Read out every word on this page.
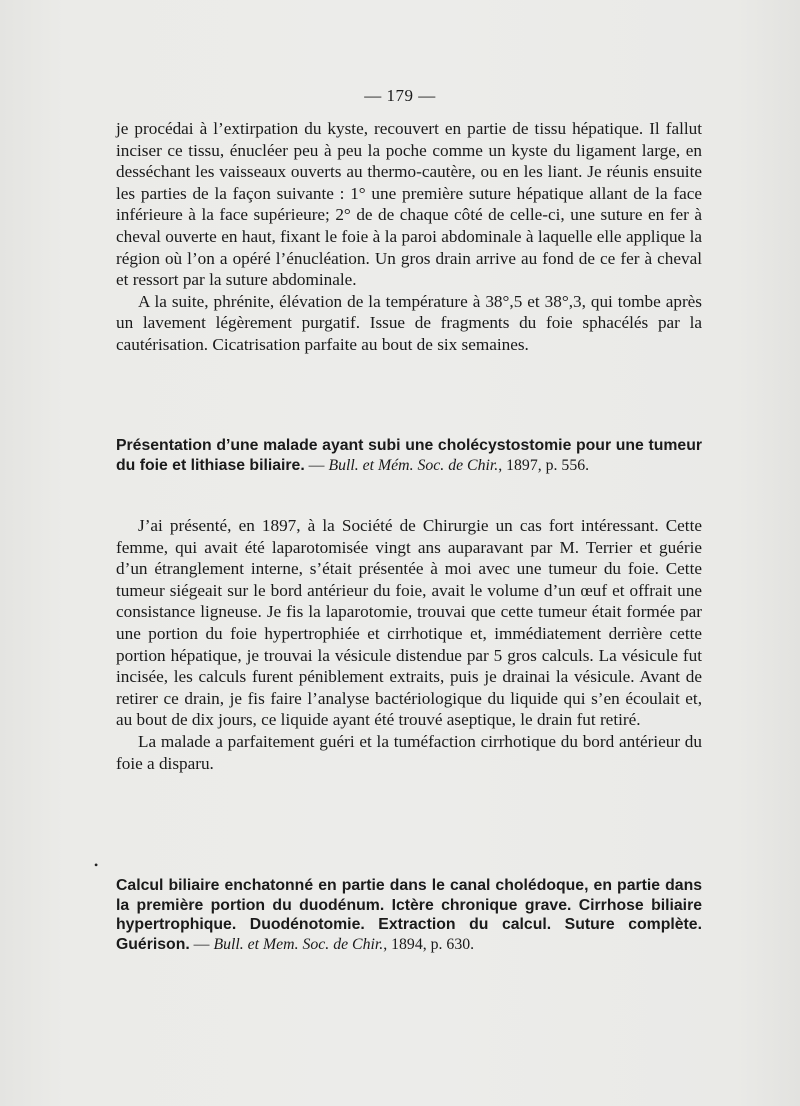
— 179 —

je procédai à l’extirpation du kyste, recouvert en partie de tissu hépatique. Il fallut inciser ce tissu, énucléer peu à peu la poche comme un kyste du ligament large, en desséchant les vaisseaux ouverts au thermo-cautère, ou en les liant. Je réunis ensuite les parties de la façon suivante : 1° une première suture hépatique allant de la face inférieure à la face supérieure; 2° de de chaque côté de celle-ci, une suture en fer à cheval ouverte en haut, fixant le foie à la paroi abdominale à laquelle elle applique la région où l’on a opéré l’énucléation. Un gros drain arrive au fond de ce fer à cheval et ressort par la suture abdominale.

A la suite, phrénite, élévation de la température à 38°,5 et 38°,3, qui tombe après un lavement légèrement purgatif. Issue de fragments du foie sphacélés par la cautérisation. Cicatrisation parfaite au bout de six semaines.

Présentation d’une malade ayant subi une cholécystostomie pour une tumeur du foie et lithiase biliaire. — Bull. et Mém. Soc. de Chir., 1897, p. 556.

J’ai présenté, en 1897, à la Société de Chirurgie un cas fort intéressant. Cette femme, qui avait été laparotomisée vingt ans auparavant par M. Terrier et guérie d’un étranglement interne, s’était présentée à moi avec une tumeur du foie. Cette tumeur siégeait sur le bord antérieur du foie, avait le volume d’un œuf et offrait une consistance ligneuse. Je fis la laparotomie, trouvai que cette tumeur était formée par une portion du foie hypertrophiée et cirrhotique et, immédiatement derrière cette portion hépatique, je trouvai la vésicule distendue par 5 gros calculs. La vésicule fut incisée, les calculs furent péniblement extraits, puis je drainai la vésicule. Avant de retirer ce drain, je fis faire l’analyse bactériologique du liquide qui s’en écoulait et, au bout de dix jours, ce liquide ayant été trouvé aseptique, le drain fut retiré.

La malade a parfaitement guéri et la tuméfaction cirrhotique du bord antérieur du foie a disparu.

•
Calcul biliaire enchatonné en partie dans le canal cholédoque, en partie dans la première portion du duodénum. Ictère chronique grave. Cirrhose biliaire hypertrophique. Duodénotomie. Extraction du calcul. Suture complète. Guérison. — Bull. et Mem. Soc. de Chir., 1894, p. 630.
